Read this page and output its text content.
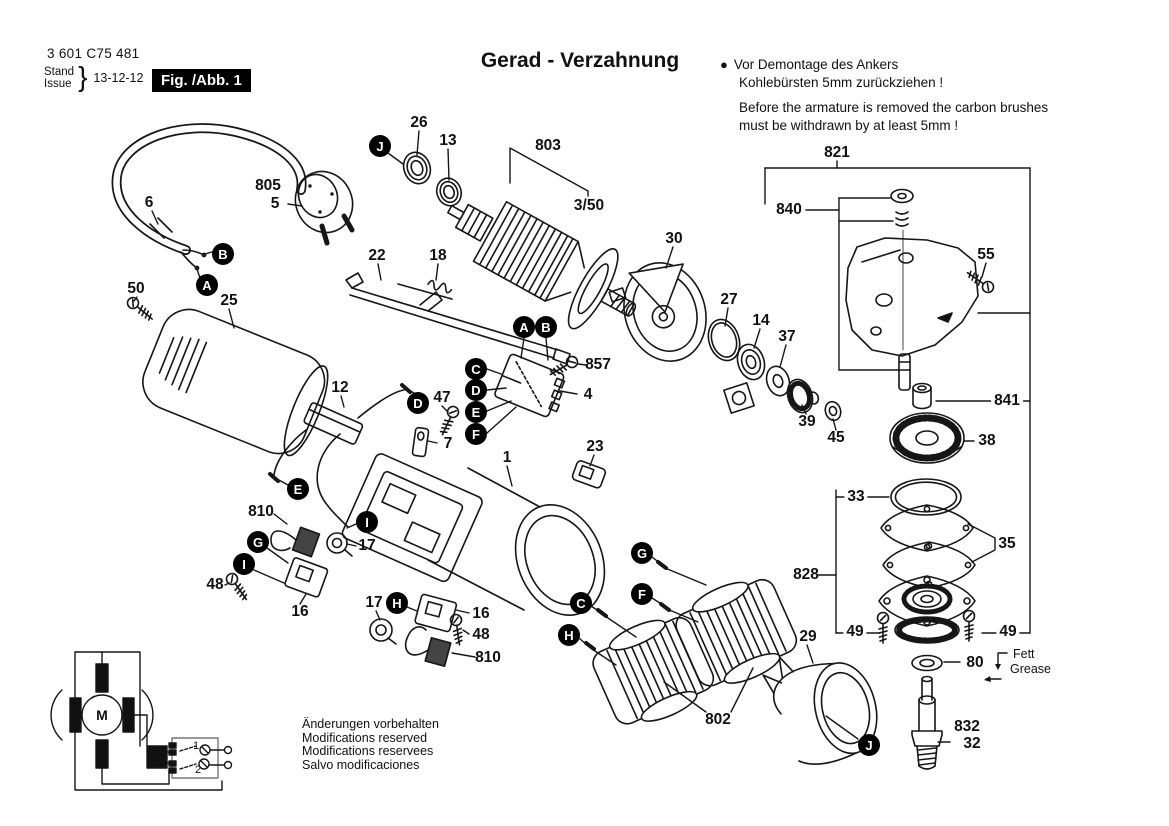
M
1
2
3 601 C75 481
Stand
Issue } 13-12-12	Fig. /Abb. 1
Gerad - Verzahnung	● Vor Demontage des Ankers
Kohlebürsten 5mm zurückziehen !
Before the armature is removed the carbon brushes
must be withdrawn by at least 5mm !
Änderungen vorbehalten
Modifications reserved
Modifications reservees
Salvo modificaciones
Fett
Grease
26
13	803
3/50
821
840
55
805
5
6
50
25
22	18
30
27
14
37
39
45
857
4
12
47
7
1
23
841
38
33
35
828
49	49
80
29
802	832
32
810
17
48
16
17
16
48
810
J
B
A
A B
C
D
E
F
D
E
I
G
I
H
G
F
C
H
J
